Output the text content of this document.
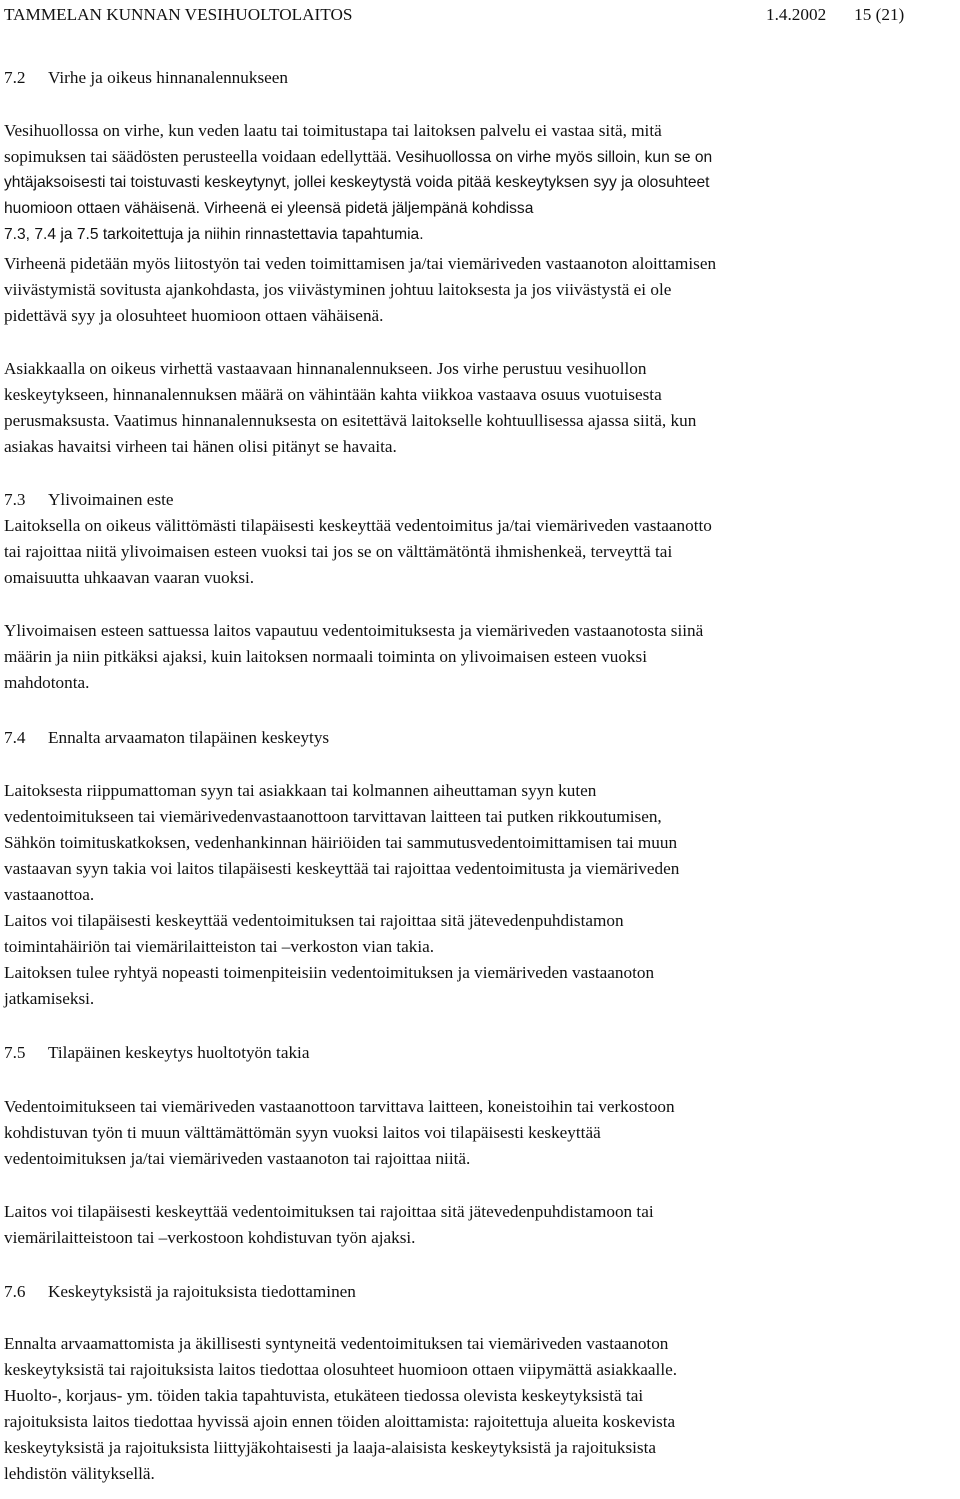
TAMMELAN KUNNAN VESIHUOLTOLAITOS	1.4.2002 15 (21)
7.2 Virhe ja oikeus hinnanalennukseen
Vesihuollossa on virhe, kun veden laatu tai toimitustapa tai laitoksen palvelu ei vastaa sitä, mitä
sopimuksen tai säädösten perusteella voidaan edellyttää. Vesihuollossa on virhe myös silloin, kun se on
yhtäjaksoisesti tai toistuvasti keskeytynyt, jollei keskeytystä voida pitää keskeytyksen syy ja olosuhteet
huomioon ottaen vähäisenä. Virheenä ei yleensä pidetä jäljempänä kohdissa
7.3, 7.4 ja 7.5 tarkoitettuja ja niihin rinnastettavia tapahtumia.
Virheenä pidetään myös liitostyön tai veden toimittamisen ja/tai viemäriveden vastaanoton aloittamisen
viivästymistä sovitusta ajankohdasta, jos viivästyminen johtuu laitoksesta ja jos viivästystä ei ole
pidettävä syy ja olosuhteet huomioon ottaen vähäisenä.
Asiakkaalla on oikeus virhettä vastaavaan hinnanalennukseen. Jos virhe perustuu vesihuollon
keskeytykseen, hinnanalennuksen määrä on vähintään kahta viikkoa vastaava osuus vuotuisesta
perusmaksusta. Vaatimus hinnanalennuksesta on esitettävä laitokselle kohtuullisessa ajassa siitä, kun
asiakas havaitsi virheen tai hänen olisi pitänyt se havaita.
7.3 Ylivoimainen este
Laitoksella on oikeus välittömästi tilapäisesti keskeyttää vedentoimitus ja/tai viemäriveden vastaanotto
tai rajoittaa niitä ylivoimaisen esteen vuoksi tai jos se on välttämätöntä ihmishenkeä, terveyttä tai
omaisuutta uhkaavan vaaran vuoksi.
Ylivoimaisen esteen sattuessa laitos vapautuu vedentoimituksesta ja viemäriveden vastaanotosta siinä
määrin ja niin pitkäksi ajaksi, kuin laitoksen normaali toiminta on ylivoimaisen esteen vuoksi
mahdotonta.
7.4 Ennalta arvaamaton tilapäinen keskeytys
Laitoksesta riippumattoman syyn tai asiakkaan tai kolmannen aiheuttaman syyn kuten
vedentoimitukseen tai viemärivedenvastaanottoon tarvittavan laitteen tai putken rikkoutumisen,
Sähkön toimituskatkoksen, vedenhankinnan häiriöiden tai sammutusvedentoimittamisen tai muun
vastaavan syyn takia voi laitos tilapäisesti keskeyttää tai rajoittaa vedentoimitusta ja viemäriveden
vastaanottoa.
Laitos voi tilapäisesti keskeyttää vedentoimituksen tai rajoittaa sitä jätevedenpuhdistamon
toimintahäiriön tai viemärilaitteiston tai –verkoston vian takia.
Laitoksen tulee ryhtyä nopeasti toimenpiteisiin vedentoimituksen ja viemäriveden vastaanoton
jatkamiseksi.
7.5 Tilapäinen keskeytys huoltotyön takia
Vedentoimitukseen tai viemäriveden vastaanottoon tarvittava laitteen, koneistoihin tai verkostoon
kohdistuvan työn ti muun välttämättömän syyn vuoksi laitos voi tilapäisesti keskeyttää
vedentoimituksen ja/tai viemäriveden vastaanoton tai rajoittaa niitä.
Laitos voi tilapäisesti keskeyttää vedentoimituksen tai rajoittaa sitä jätevedenpuhdistamoon tai
viemärilaitteistoon tai –verkostoon kohdistuvan työn ajaksi.
7.6 Keskeytyksistä ja rajoituksista tiedottaminen
Ennalta arvaamattomista ja äkillisesti syntyneitä vedentoimituksen tai viemäriveden vastaanoton
keskeytyksistä tai rajoituksista laitos tiedottaa olosuhteet huomioon ottaen viipymättä asiakkaalle.
Huolto-, korjaus- ym. töiden takia tapahtuvista, etukäteen tiedossa olevista keskeytyksistä tai
rajoituksista laitos tiedottaa hyvissä ajoin ennen töiden aloittamista: rajoitettuja alueita koskevista
keskeytyksistä ja rajoituksista liittyjäkohtaisesti ja laaja-alaisista keskeytyksistä ja rajoituksista
lehdistön välityksellä.
